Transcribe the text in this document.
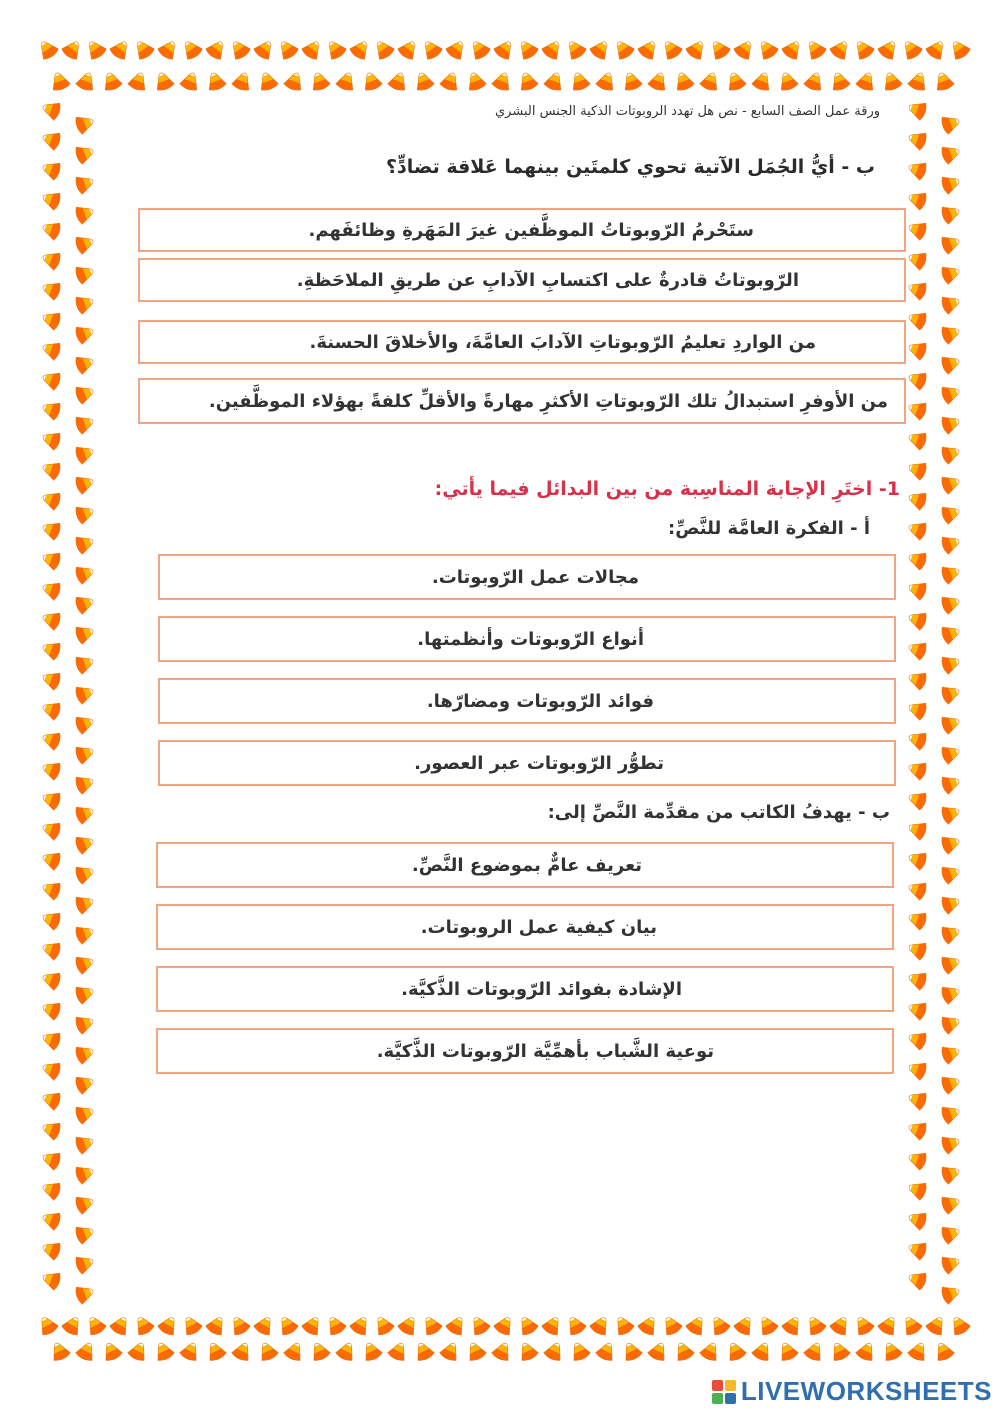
ورقة عمل الصف السابع - نص هل تهدد الروبوتات الذكية الجنس البشري
ب - أيُّ الجُمَل الآتية تحوي كلمتَين بينهما عَلاقة تضادٍّ؟
ستَحْرمُ الرّوبوتاتُ الموظَّفين غيرَ المَهَرةِ وظائفَهم.
الرّوبوتاتُ قادرةٌ على اكتسابِ الآدابِ عن طريقِ الملاحَظةِ.
من الواردِ تعليمُ الرّوبوتاتِ الآدابَ العامَّةَ، والأخلاقَ الحسنةَ.
من الأوفرِ استبدالُ تلك الرّوبوتاتِ الأكثرِ مهارةً والأقلِّ كلفةً بهؤلاء الموظَّفين.
1- اختَرِ الإجابة المناسِبة من بين البدائل فيما يأتي:
أ - الفكرة العامَّة للنَّصِّ:
مجالات عمل الرّوبوتات.
أنواع الرّوبوتات وأنظمتها.
فوائد الرّوبوتات ومضارّها.
تطوُّر الرّوبوتات عبر العصور.
ب - يهدفُ الكاتب من مقدِّمة النَّصِّ إلى:
تعريف عامٌّ بموضوع النَّصِّ.
بيان كيفية عمل الروبوتات.
الإشادة بفوائد الرّوبوتات الذَّكيَّة.
توعية الشَّباب بأهمِّيَّة الرّوبوتات الذَّكيَّة.
LIVEWORKSHEETS
